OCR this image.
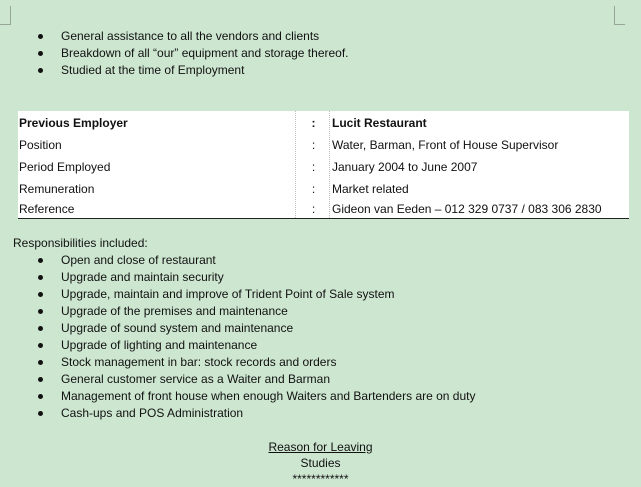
General assistance to all the vendors and clients
Breakdown of all “our” equipment and storage thereof.
Studied at the time of Employment
Previous Employer	:	Lucit Restaurant
Position	:	Water, Barman, Front of House Supervisor
Period Employed	:	January 2004 to June 2007
Remuneration	:	Market related
Reference	:	Gideon van Eeden – 012 329 0737 / 083 306 2830
Responsibilities included:
Open and close of restaurant
Upgrade and maintain security
Upgrade, maintain and improve of Trident Point of Sale system
Upgrade of the premises and maintenance
Upgrade of sound system and maintenance
Upgrade of lighting and maintenance
Stock management in bar: stock records and orders
General customer service as a Waiter and Barman
Management of front house when enough Waiters and Bartenders are on duty
Cash-ups and POS Administration
Reason for Leaving
Studies
************
